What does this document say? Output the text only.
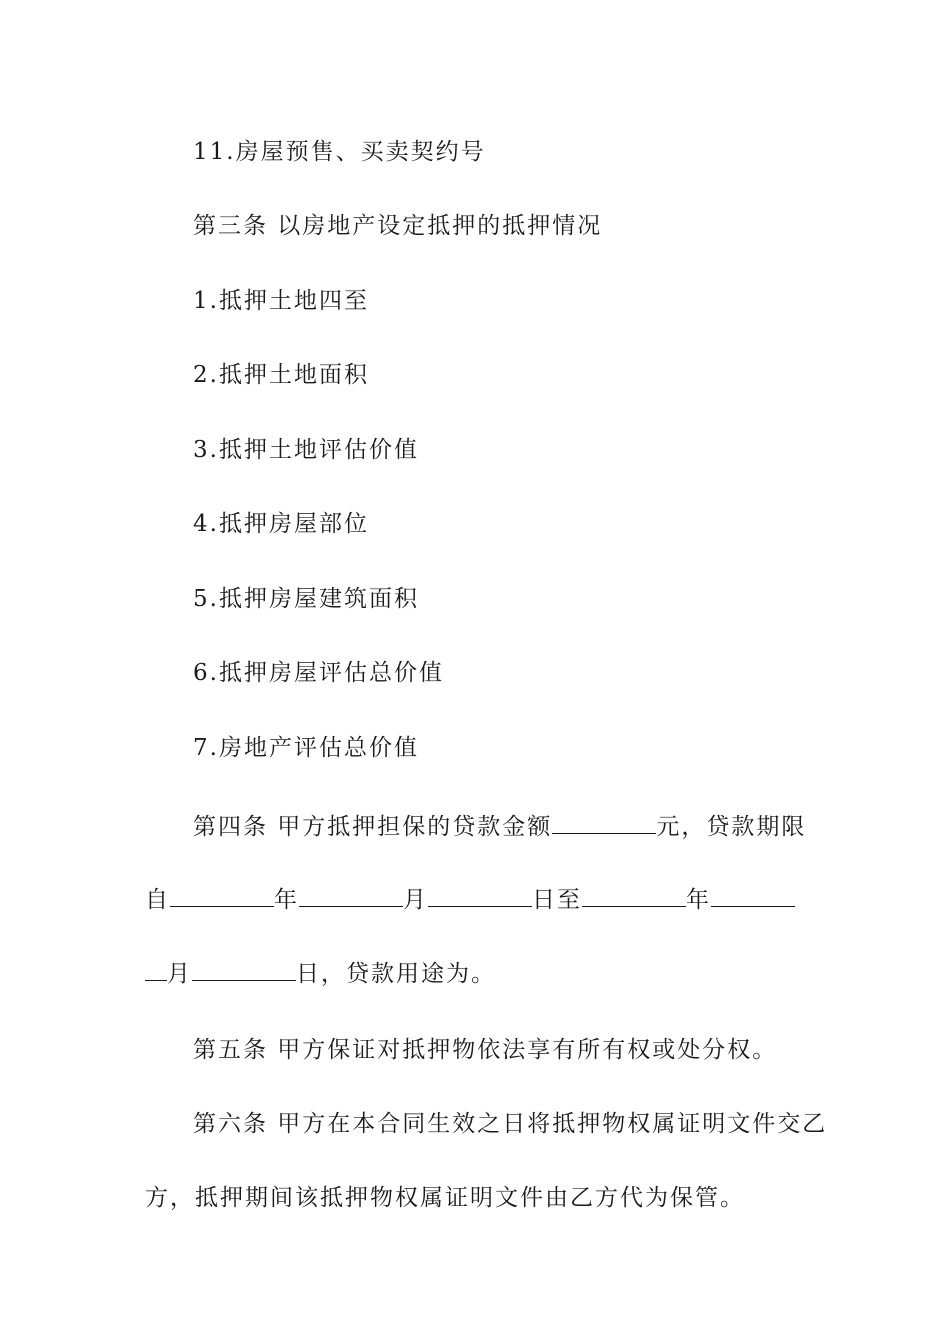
11.房屋预售、买卖契约号
第三条 以房地产设定抵押的抵押情况
1.抵押土地四至
2.抵押土地面积
3.抵押土地评估价值
4.抵押房屋部位
5.抵押房屋建筑面积
6.抵押房屋评估总价值
7.房地产评估总价值
第四条 甲方抵押担保的贷款金额	元，贷款期限
自	年	月	日至	年
月	日，贷款用途为。
第五条 甲方保证对抵押物依法享有所有权或处分权。
第六条 甲方在本合同生效之日将抵押物权属证明文件交乙
方，抵押期间该抵押物权属证明文件由乙方代为保管。
